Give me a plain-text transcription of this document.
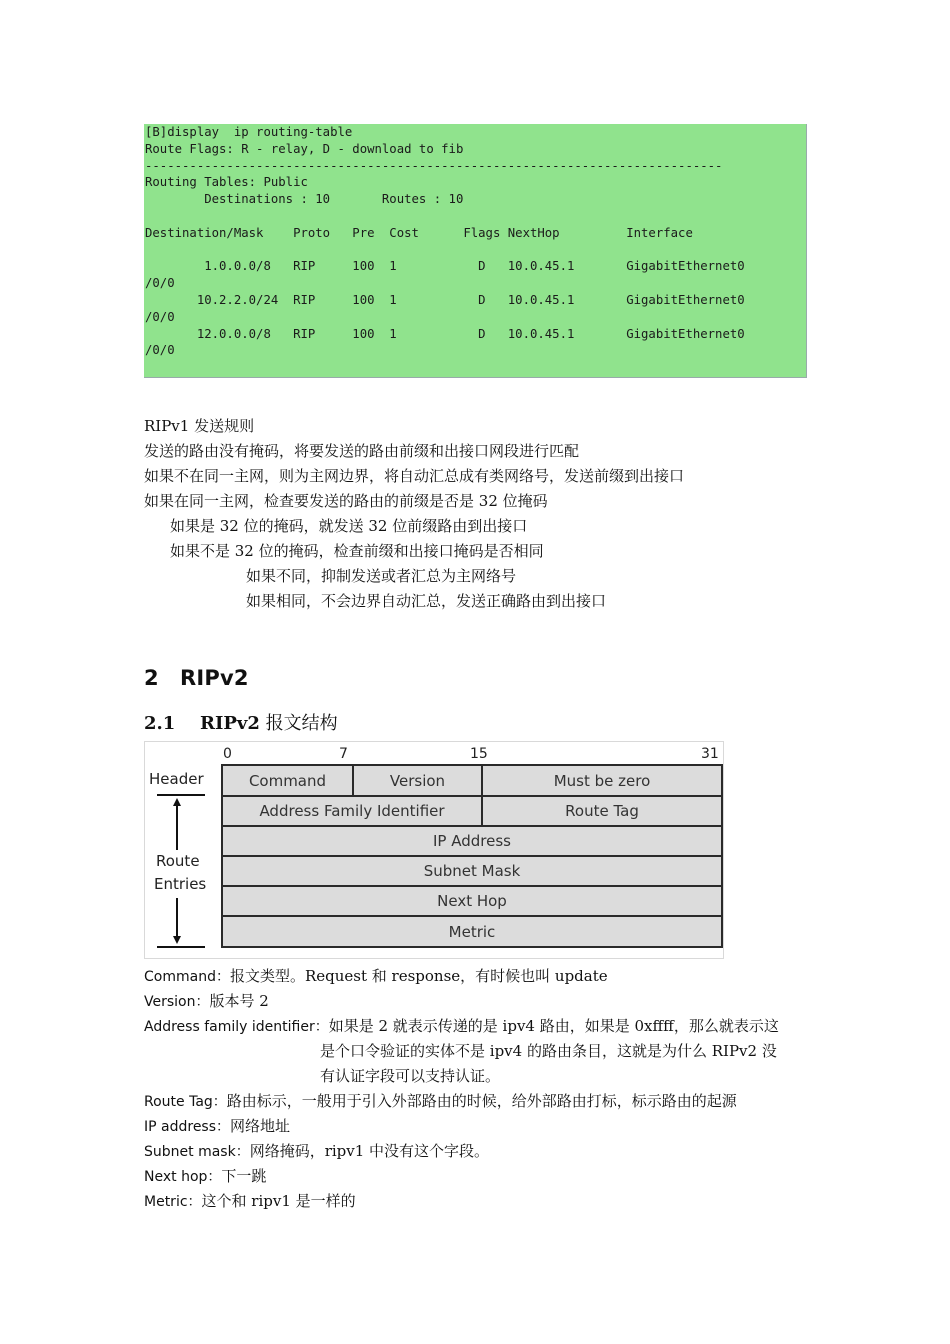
[B]display  ip routing-table
Route Flags: R - relay, D - download to fib
------------------------------------------------------------------------------
Routing Tables: Public
Destinations : 10       Routes : 10

Destination/Mask    Proto   Pre  Cost      Flags NextHop         Interface

1.0.0.0/8   RIP     100  1           D   10.0.45.1       GigabitEthernet0
/0/0
10.2.2.0/24  RIP     100  1           D   10.0.45.1       GigabitEthernet0
/0/0
12.0.0.0/8   RIP     100  1           D   10.0.45.1       GigabitEthernet0
/0/0
RIPv1 发送规则
发送的路由没有掩码，将要发送的路由前缀和出接口网段进行匹配
如果不在同一主网，则为主网边界，将自动汇总成有类网络号，发送前缀到出接口
如果在同一主网，检查要发送的路由的前缀是否是 32 位掩码
如果是 32 位的掩码，就发送 32 位前缀路由到出接口
如果不是 32 位的掩码，检查前缀和出接口掩码是否相同
如果不同，抑制发送或者汇总为主网络号
如果相同，不会边界自动汇总，发送正确路由到出接口
2 RIPv2
2.1 RIPv2 报文结构
0	7	15	31
Header
Route
Entries
Command	Version	Must be zero
Address Family Identifier	Route Tag
IP Address
Subnet Mask
Next Hop
Metric
Command：报文类型。Request 和 response，有时候也叫 update
Version：版本号 2
Address family identifier：如果是 2 就表示传递的是 ipv4 路由，如果是 0xffff，那么就表示这
是个口令验证的实体不是 ipv4 的路由条目，这就是为什么 RIPv2 没
有认证字段可以支持认证。
Route Tag：路由标示，一般用于引入外部路由的时候，给外部路由打标，标示路由的起源
IP address：网络地址
Subnet mask：网络掩码，ripv1 中没有这个字段。
Next hop：下一跳
Metric：这个和 ripv1 是一样的
